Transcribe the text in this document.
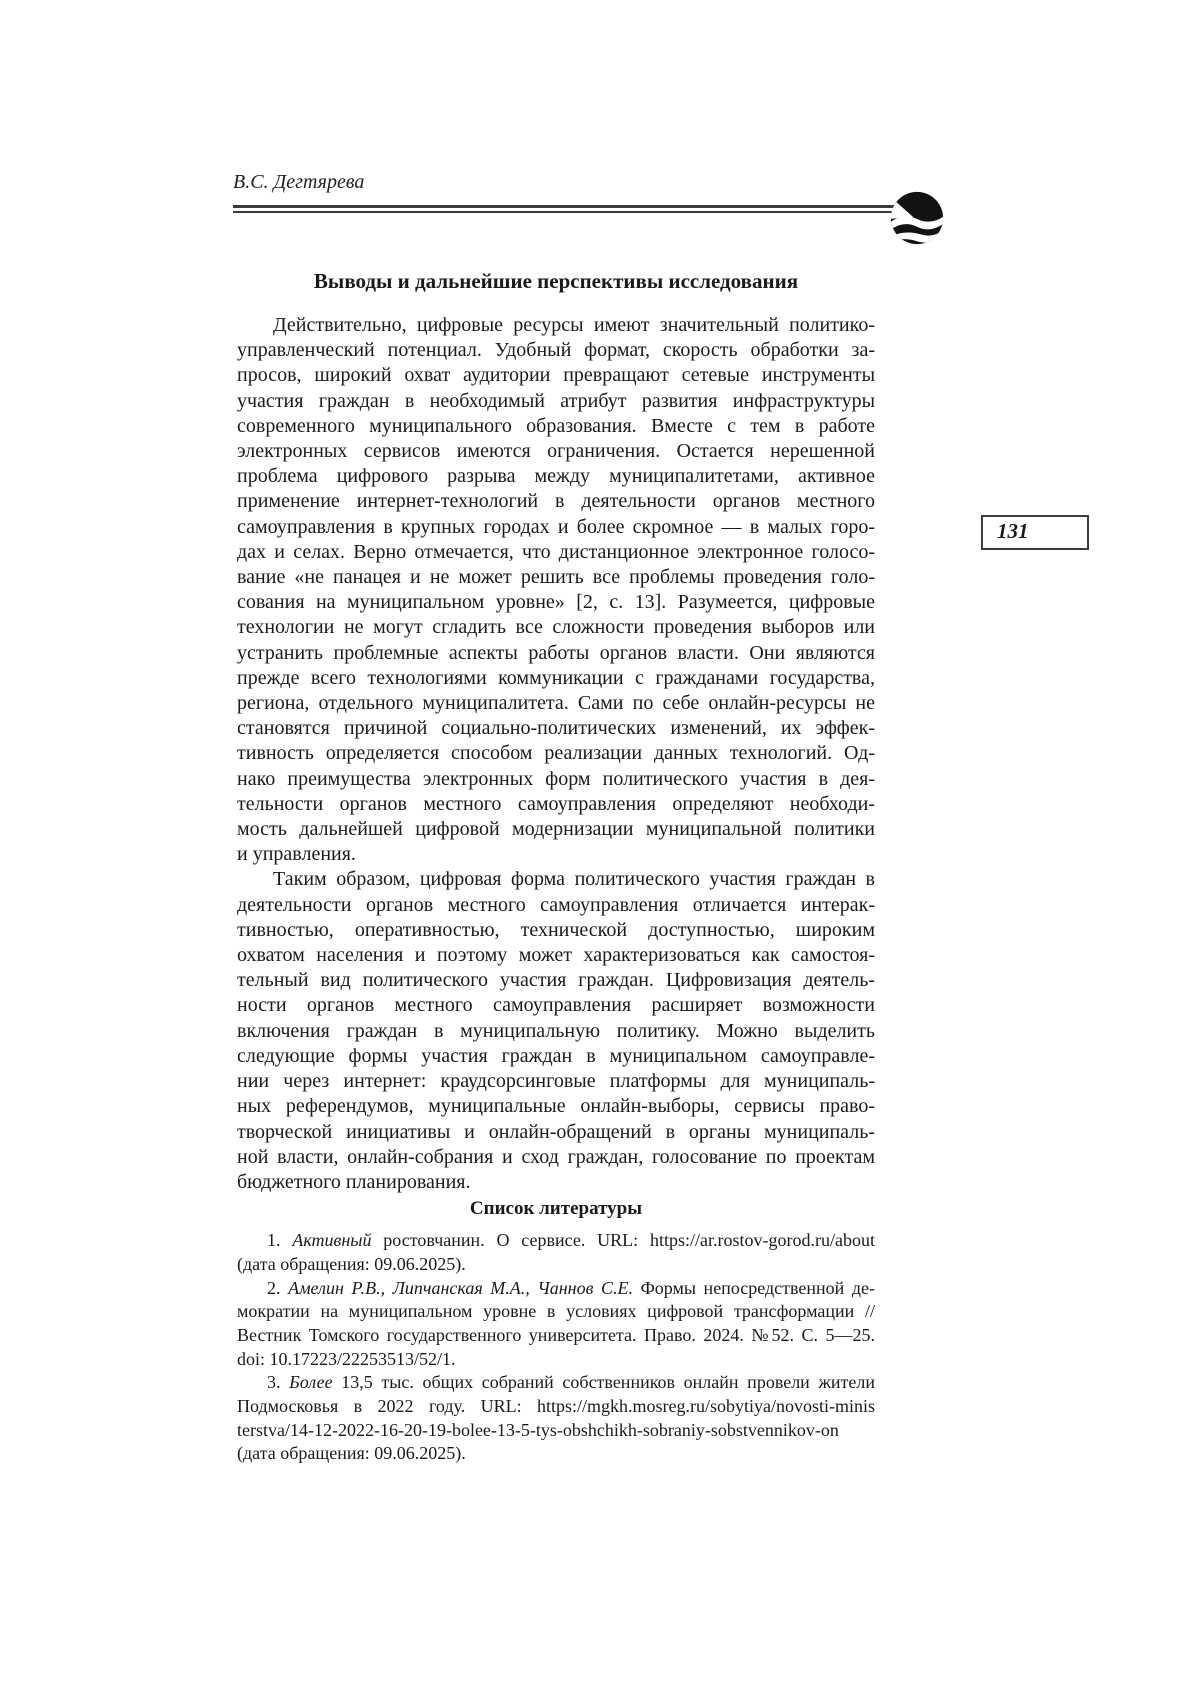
В.С. Дегтярева
131
Выводы и дальнейшие перспективы исследования
Действительно, цифровые ресурсы имеют значительный политико-
управленческий потенциал. Удобный формат, скорость обработки за-
просов, широкий охват аудитории превращают сетевые инструменты
участия граждан в необходимый атрибут развития инфраструктуры
современного муниципального образования. Вместе с тем в работе
электронных сервисов имеются ограничения. Остается нерешенной
проблема цифрового разрыва между муниципалитетами, активное
применение интернет-технологий в деятельности органов местного
самоуправления в крупных городах и более скромное — в малых горо-
дах и селах. Верно отмечается, что дистанционное электронное голосо-
вание «не панацея и не может решить все проблемы проведения голо-
сования на муниципальном уровне» [2, с. 13]. Разумеется, цифровые
технологии не могут сгладить все сложности проведения выборов или
устранить проблемные аспекты работы органов власти. Они являются
прежде всего технологиями коммуникации с гражданами государства,
региона, отдельного муниципалитета. Сами по себе онлайн-ресурсы не
становятся причиной социально-политических изменений, их эффек-
тивность определяется способом реализации данных технологий. Од-
нако преимущества электронных форм политического участия в дея-
тельности органов местного самоуправления определяют необходи-
мость дальнейшей цифровой модернизации муниципальной политики
и управления.
Таким образом, цифровая форма политического участия граждан в
деятельности органов местного самоуправления отличается интерак-
тивностью, оперативностью, технической доступностью, широким
охватом населения и поэтому может характеризоваться как самостоя-
тельный вид политического участия граждан. Цифровизация деятель-
ности органов местного самоуправления расширяет возможности
включения граждан в муниципальную политику. Можно выделить
следующие формы участия граждан в муниципальном самоуправле-
нии через интернет: краудсорсинговые платформы для муниципаль-
ных референдумов, муниципальные онлайн-выборы, сервисы право-
творческой инициативы и онлайн-обращений в органы муниципаль-
ной власти, онлайн-собрания и сход граждан, голосование по проектам
бюджетного планирования.
Список литературы
1. Активный ростовчанин. О сервисе. URL: https://ar.rostov-gorod.ru/about
(дата обращения: 09.06.2025).
2. Амелин Р.В., Липчанская М.А., Чаннов С.Е. Формы непосредственной де-
мократии на муниципальном уровне в условиях цифровой трансформации //
Вестник Томского государственного университета. Право. 2024. №52. С. 5—25.
doi: 10.17223/22253513/52/1.
3. Более 13,5 тыс. общих собраний собственников онлайн провели жители
Подмосковья в 2022 году. URL: https://mgkh.mosreg.ru/sobytiya/novosti-minis
terstva/14-12-2022-16-20-19-bolee-13-5-tys-obshchikh-sobraniy-sobstvennikov-on
(дата обращения: 09.06.2025).
